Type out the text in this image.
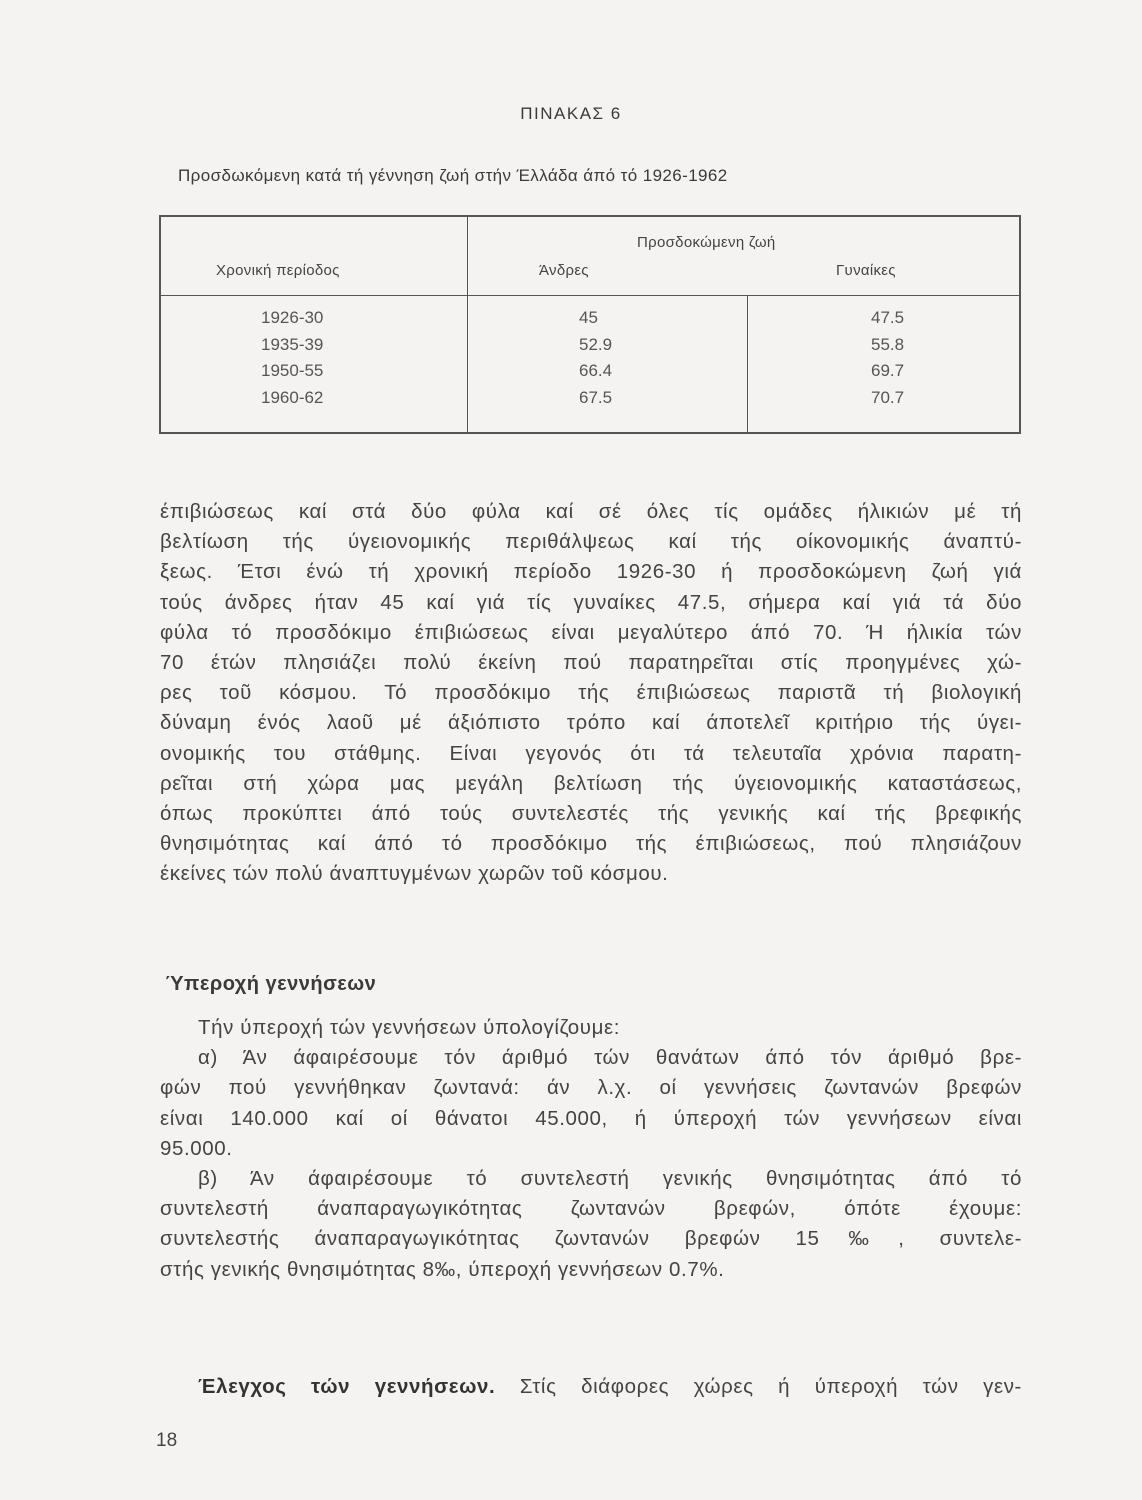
ΠΙΝΑΚΑΣ 6
Προσδωκόμενη κατά τή γέννηση ζωή στήν Έλλάδα άπό τό 1926-1962
Χρονική περίοδος
Προσδοκώμενη ζωή
Άνδρες	Γυναίκες
1926-30
1935-39
1950-55
1960-62
45
52.9
66.4
67.5
47.5
55.8
69.7
70.7
έπιβιώσεως καί στά δύο φύλα καί σέ όλες τίς ομάδες ήλικιών μέ τή
βελτίωση τής ύγειονομικής περιθάλψεως καί τής οίκονομικής άναπτύ-
ξεως. Έτσι ένώ τή χρονική περίοδο 1926-30 ή προσδοκώμενη ζωή γιά
τούς άνδρες ήταν 45 καί γιά τίς γυναίκες 47.5, σήμερα καί γιά τά δύο
φύλα τό προσδόκιμο έπιβιώσεως είναι μεγαλύτερο άπό 70. Ή ήλικία τών
70 έτών πλησιάζει πολύ έκείνη πού παρατηρεῖται στίς προηγμένες χώ-
ρες τοῦ κόσμου. Τό προσδόκιμο τής έπιβιώσεως παριστᾶ τή βιολογική
δύναμη ένός λαοῦ μέ άξιόπιστο τρόπο καί άποτελεῖ κριτήριο τής ύγει-
ονομικής του στάθμης. Είναι γεγονός ότι τά τελευταῖα χρόνια παρατη-
ρεῖται στή χώρα μας μεγάλη βελτίωση τής ύγειονομικής καταστάσεως,
όπως προκύπτει άπό τούς συντελεστές τής γενικής καί τής βρεφικής
θνησιμότητας καί άπό τό προσδόκιμο τής έπιβιώσεως, πού πλησιάζουν
έκείνες τών πολύ άναπτυγμένων χωρῶν τοῦ κόσμου.
Ύπεροχή γεννήσεων
Τήν ύπεροχή τών γεννήσεων ύπολογίζουμε:
α) Άν άφαιρέσουμε τόν άριθμό τών θανάτων άπό τόν άριθμό βρε-
φών πού γεννήθηκαν ζωντανά: άν λ.χ. οί γεννήσεις ζωντανών βρεφών
είναι 140.000 καί οί θάνατοι 45.000, ή ύπεροχή τών γεννήσεων είναι
95.000.
β) Άν άφαιρέσουμε τό συντελεστή γενικής θνησιμότητας άπό τό
συντελεστή άναπαραγωγικότητας ζωντανών βρεφών, όπότε έχουμε:
συντελεστής άναπαραγωγικότητας ζωντανών βρεφών 15‰, συντελε-
στής γενικής θνησιμότητας 8‰, ύπεροχή γεννήσεων 0.7%.
Έλεγχος τών γεννήσεων. Στίς διάφορες χώρες ή ύπεροχή τών γεν-
18
